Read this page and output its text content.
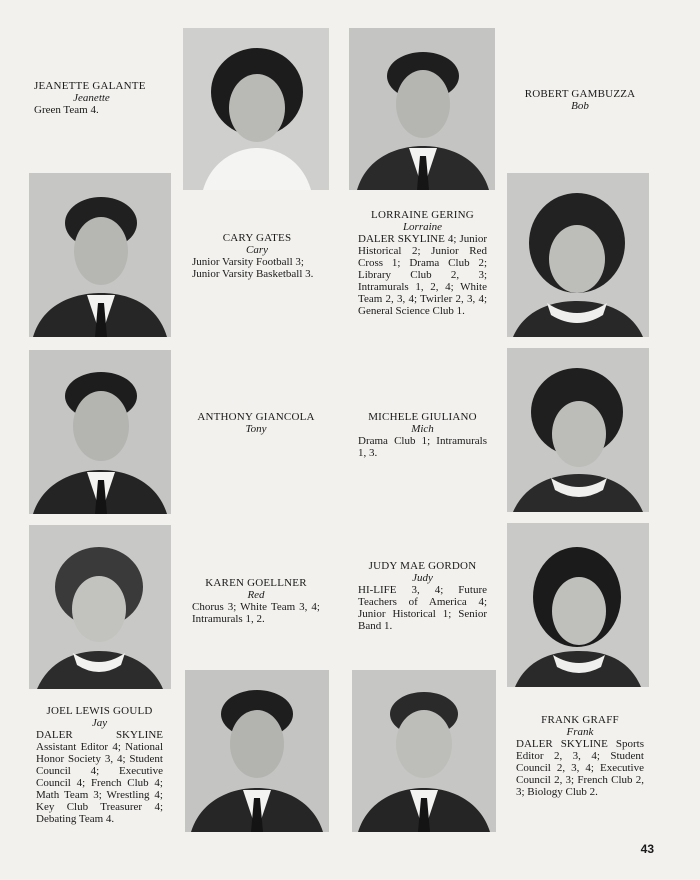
JEANETTE GALANTE
Jeanette
Green Team 4.
ROBERT GAMBUZZA
Bob
CARY GATES
Cary
Junior Varsity Football 3; Junior Varsity Basketball 3.
LORRAINE GERING
Lorraine
DALER SKYLINE 4; Junior Historical 2; Junior Red Cross 1; Drama Club 2; Library Club 2, 3; Intramurals 1, 2, 4; White Team 2, 3, 4; Twirler 2, 3, 4; General Science Club 1.
ANTHONY GIANCOLA
Tony
MICHELE GIULIANO
Mich
Drama Club 1; Intramurals 1, 3.
KAREN GOELLNER
Red
Chorus 3; White Team 3, 4; Intramurals 1, 2.
JUDY MAE GORDON
Judy
HI-LIFE 3, 4; Future Teachers of America 4; Junior Historical 1; Senior Band 1.
JOEL LEWIS GOULD
Jay
DALER SKYLINE Assistant Editor 4; National Honor Society 3, 4; Student Council 4; Executive Council 4; French Club 4; Math Team 3; Wrestling 4; Key Club Treasurer 4; Debating Team 4.
FRANK GRAFF
Frank
DALER SKYLINE Sports Editor 2, 3, 4; Student Council 2, 3, 4; Executive Council 2, 3; French Club 2, 3; Biology Club 2.
43
